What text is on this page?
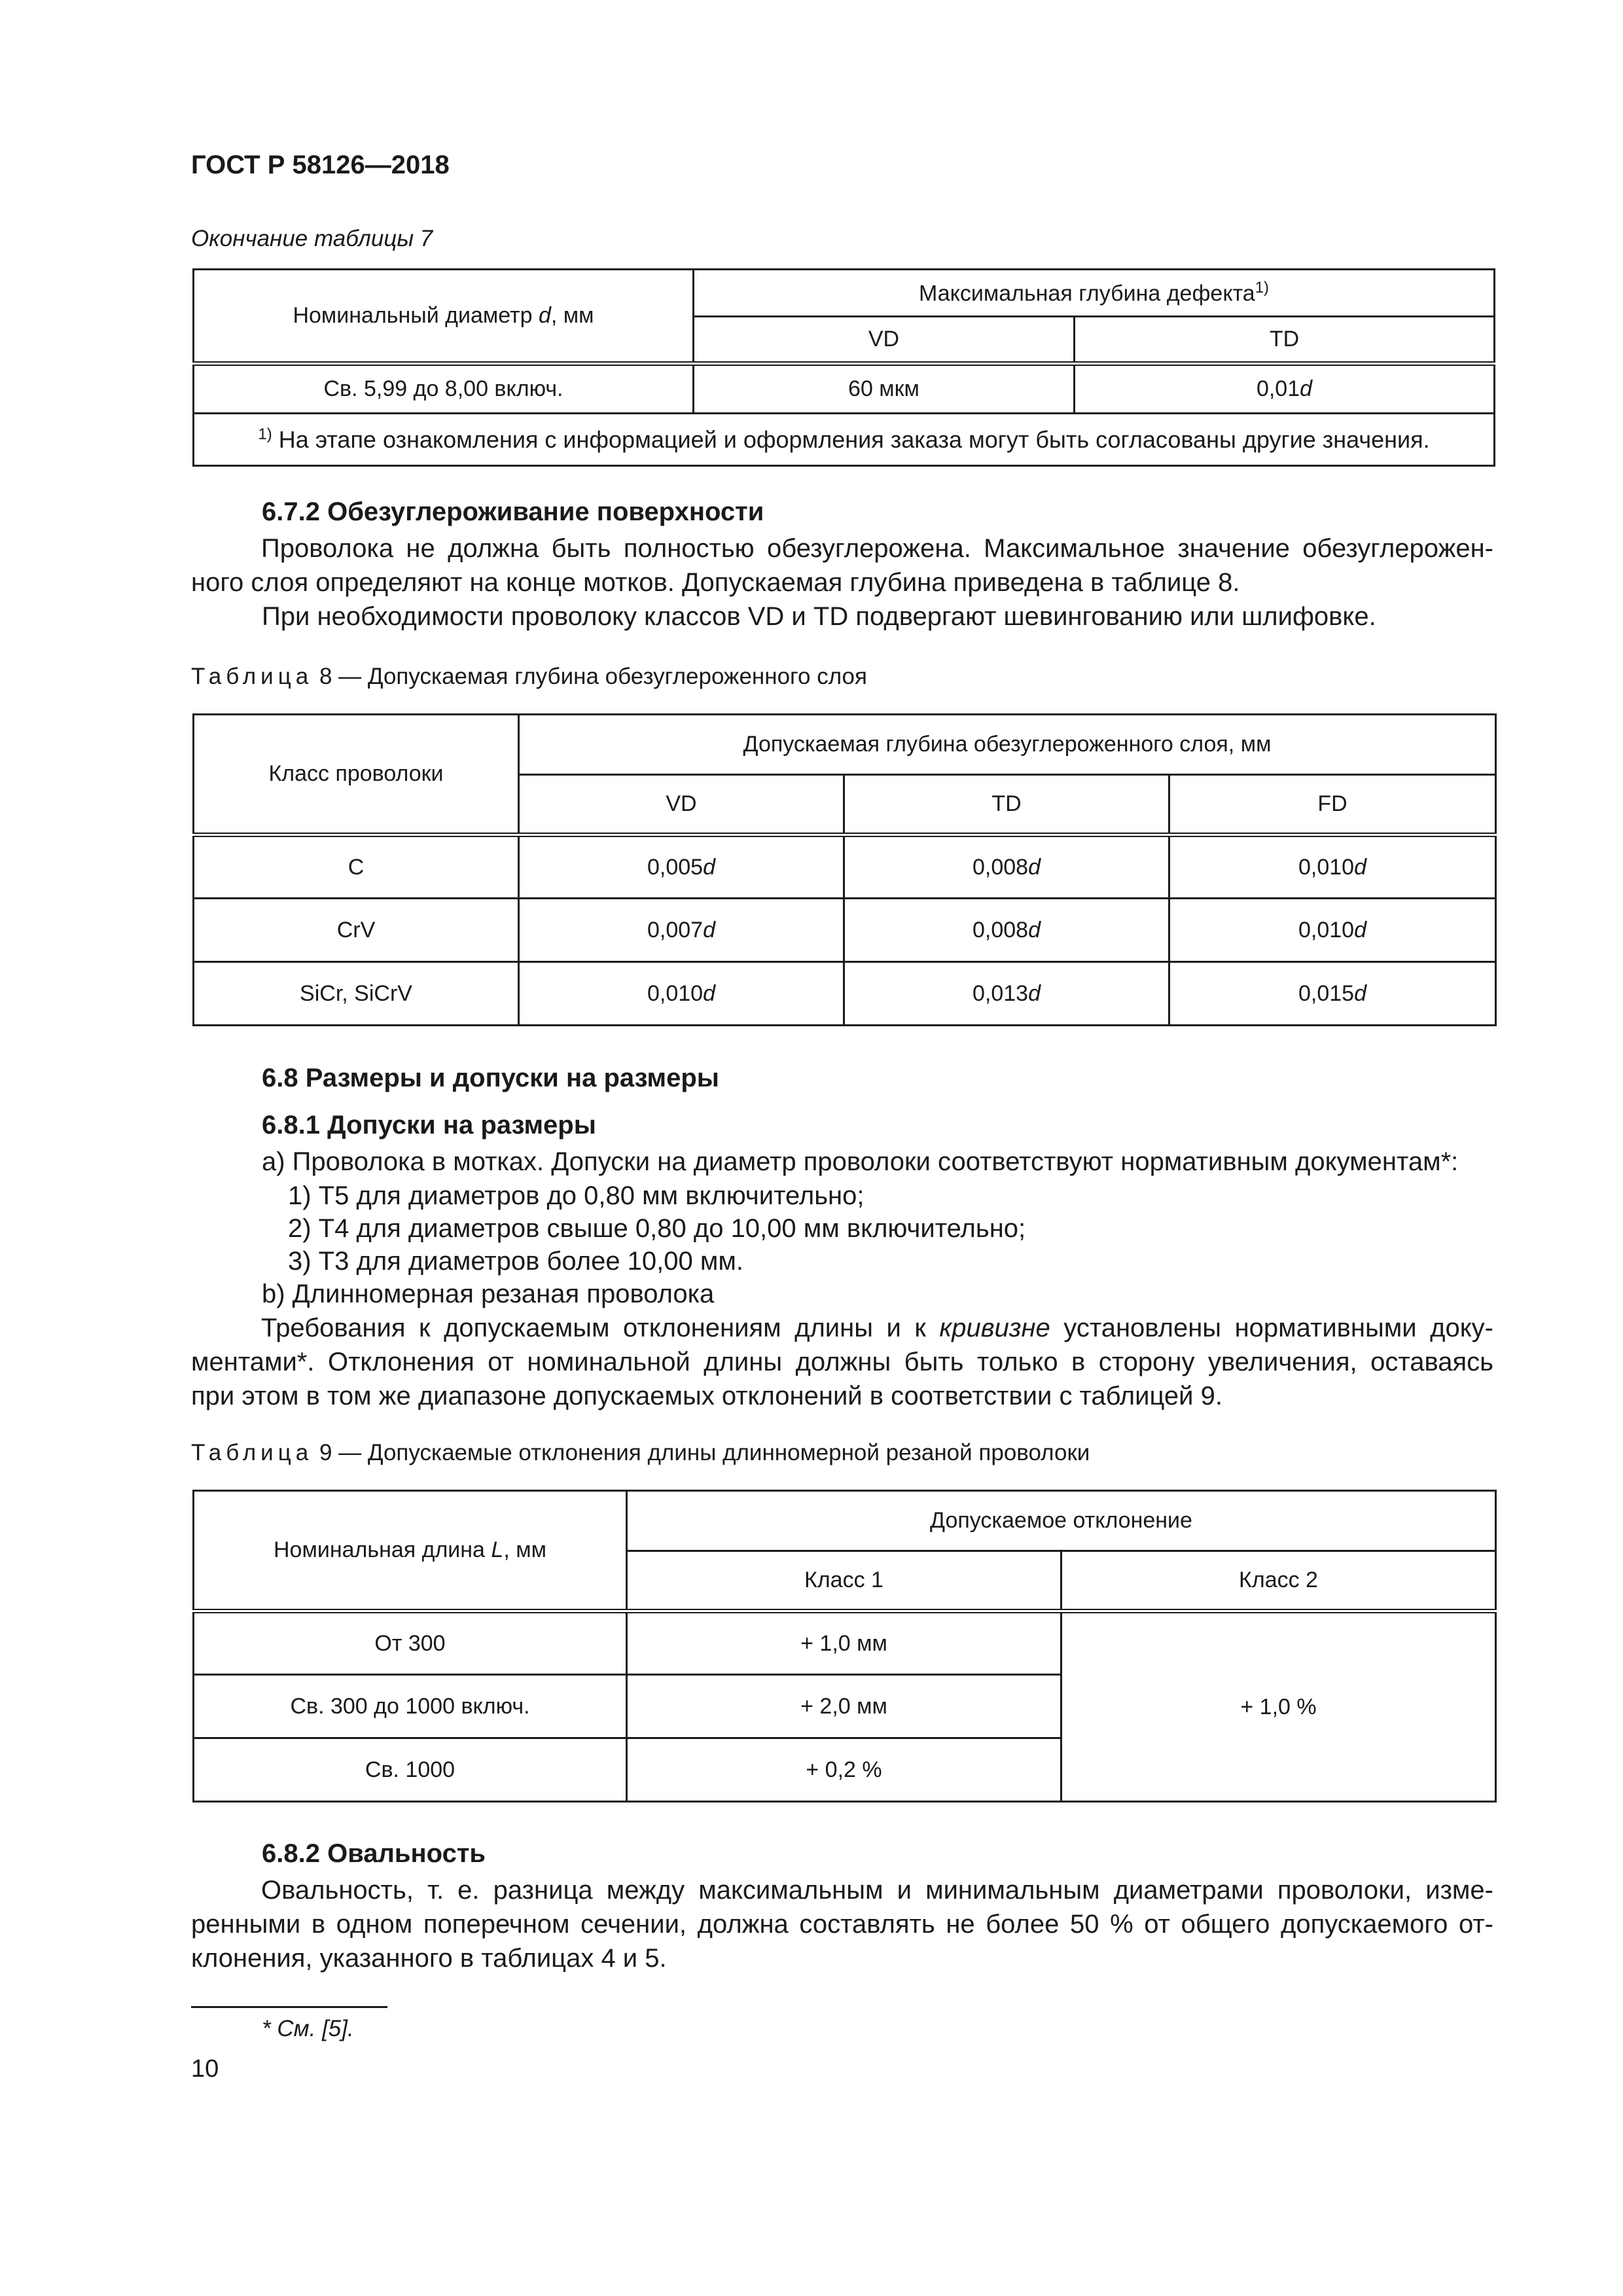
ГОСТ Р 58126—2018
Окончание таблицы 7
Номинальный диаметр d, мм	Максимальная глубина дефекта$^{1)}$
	VD	TD
Св. 5,99 до 8,00 включ.	60 мкм	0,01d
$^{1)}$ На этапе ознакомления с информацией и оформления заказа могут быть согласованы другие значения.		
6.7.2 Обезуглероживание поверхности
Проволока не должна быть полностью обезуглерожена. Максимальное значение обезуглерожен-
ного слоя определяют на конце мотков. Допускаемая глубина приведена в таблице 8.
При необходимости проволоку классов VD и TD подвергают шевингованию или шлифовке.
Таблица 8 — Допускаемая глубина обезуглероженного слоя
Класс проволоки	Допускаемая глубина обезуглероженного слоя, мм		
	VD	TD	FD
C	0,005d	0,008d	0,010d
CrV	0,007d	0,008d	0,010d
SiCr, SiCrV	0,010d	0,013d	0,015d
6.8 Размеры и допуски на размеры
6.8.1 Допуски на размеры
а) Проволока в мотках. Допуски на диаметр проволоки соответствуют нормативным документам*:
1) Т5 для диаметров до 0,80 мм включительно;
2) Т4 для диаметров свыше 0,80 до 10,00 мм включительно;
3) Т3 для диаметров более 10,00 мм.
b) Длинномерная резаная проволока
Требования к допускаемым отклонениям длины и к кривизне установлены нормативными доку-
ментами*. Отклонения от номинальной длины должны быть только в сторону увеличения, оставаясь
при этом в том же диапазоне допускаемых отклонений в соответствии с таблицей 9.
Таблица 9 — Допускаемые отклонения длины длинномерной резаной проволоки
Номинальная длина L, мм	Допускаемое отклонение	
	Класс 1	Класс 2
От 300	+ 1,0 мм	+ 1,0 %
Св. 300 до 1000 включ.	+ 2,0 мм	
Св. 1000	+ 0,2 %	
6.8.2 Овальность
Овальность, т. е. разница между максимальным и минимальным диаметрами проволоки, изме-
ренными в одном поперечном сечении, должна составлять не более 50 % от общего допускаемого от-
клонения, указанного в таблицах 4 и 5.
* См. [5].
10
